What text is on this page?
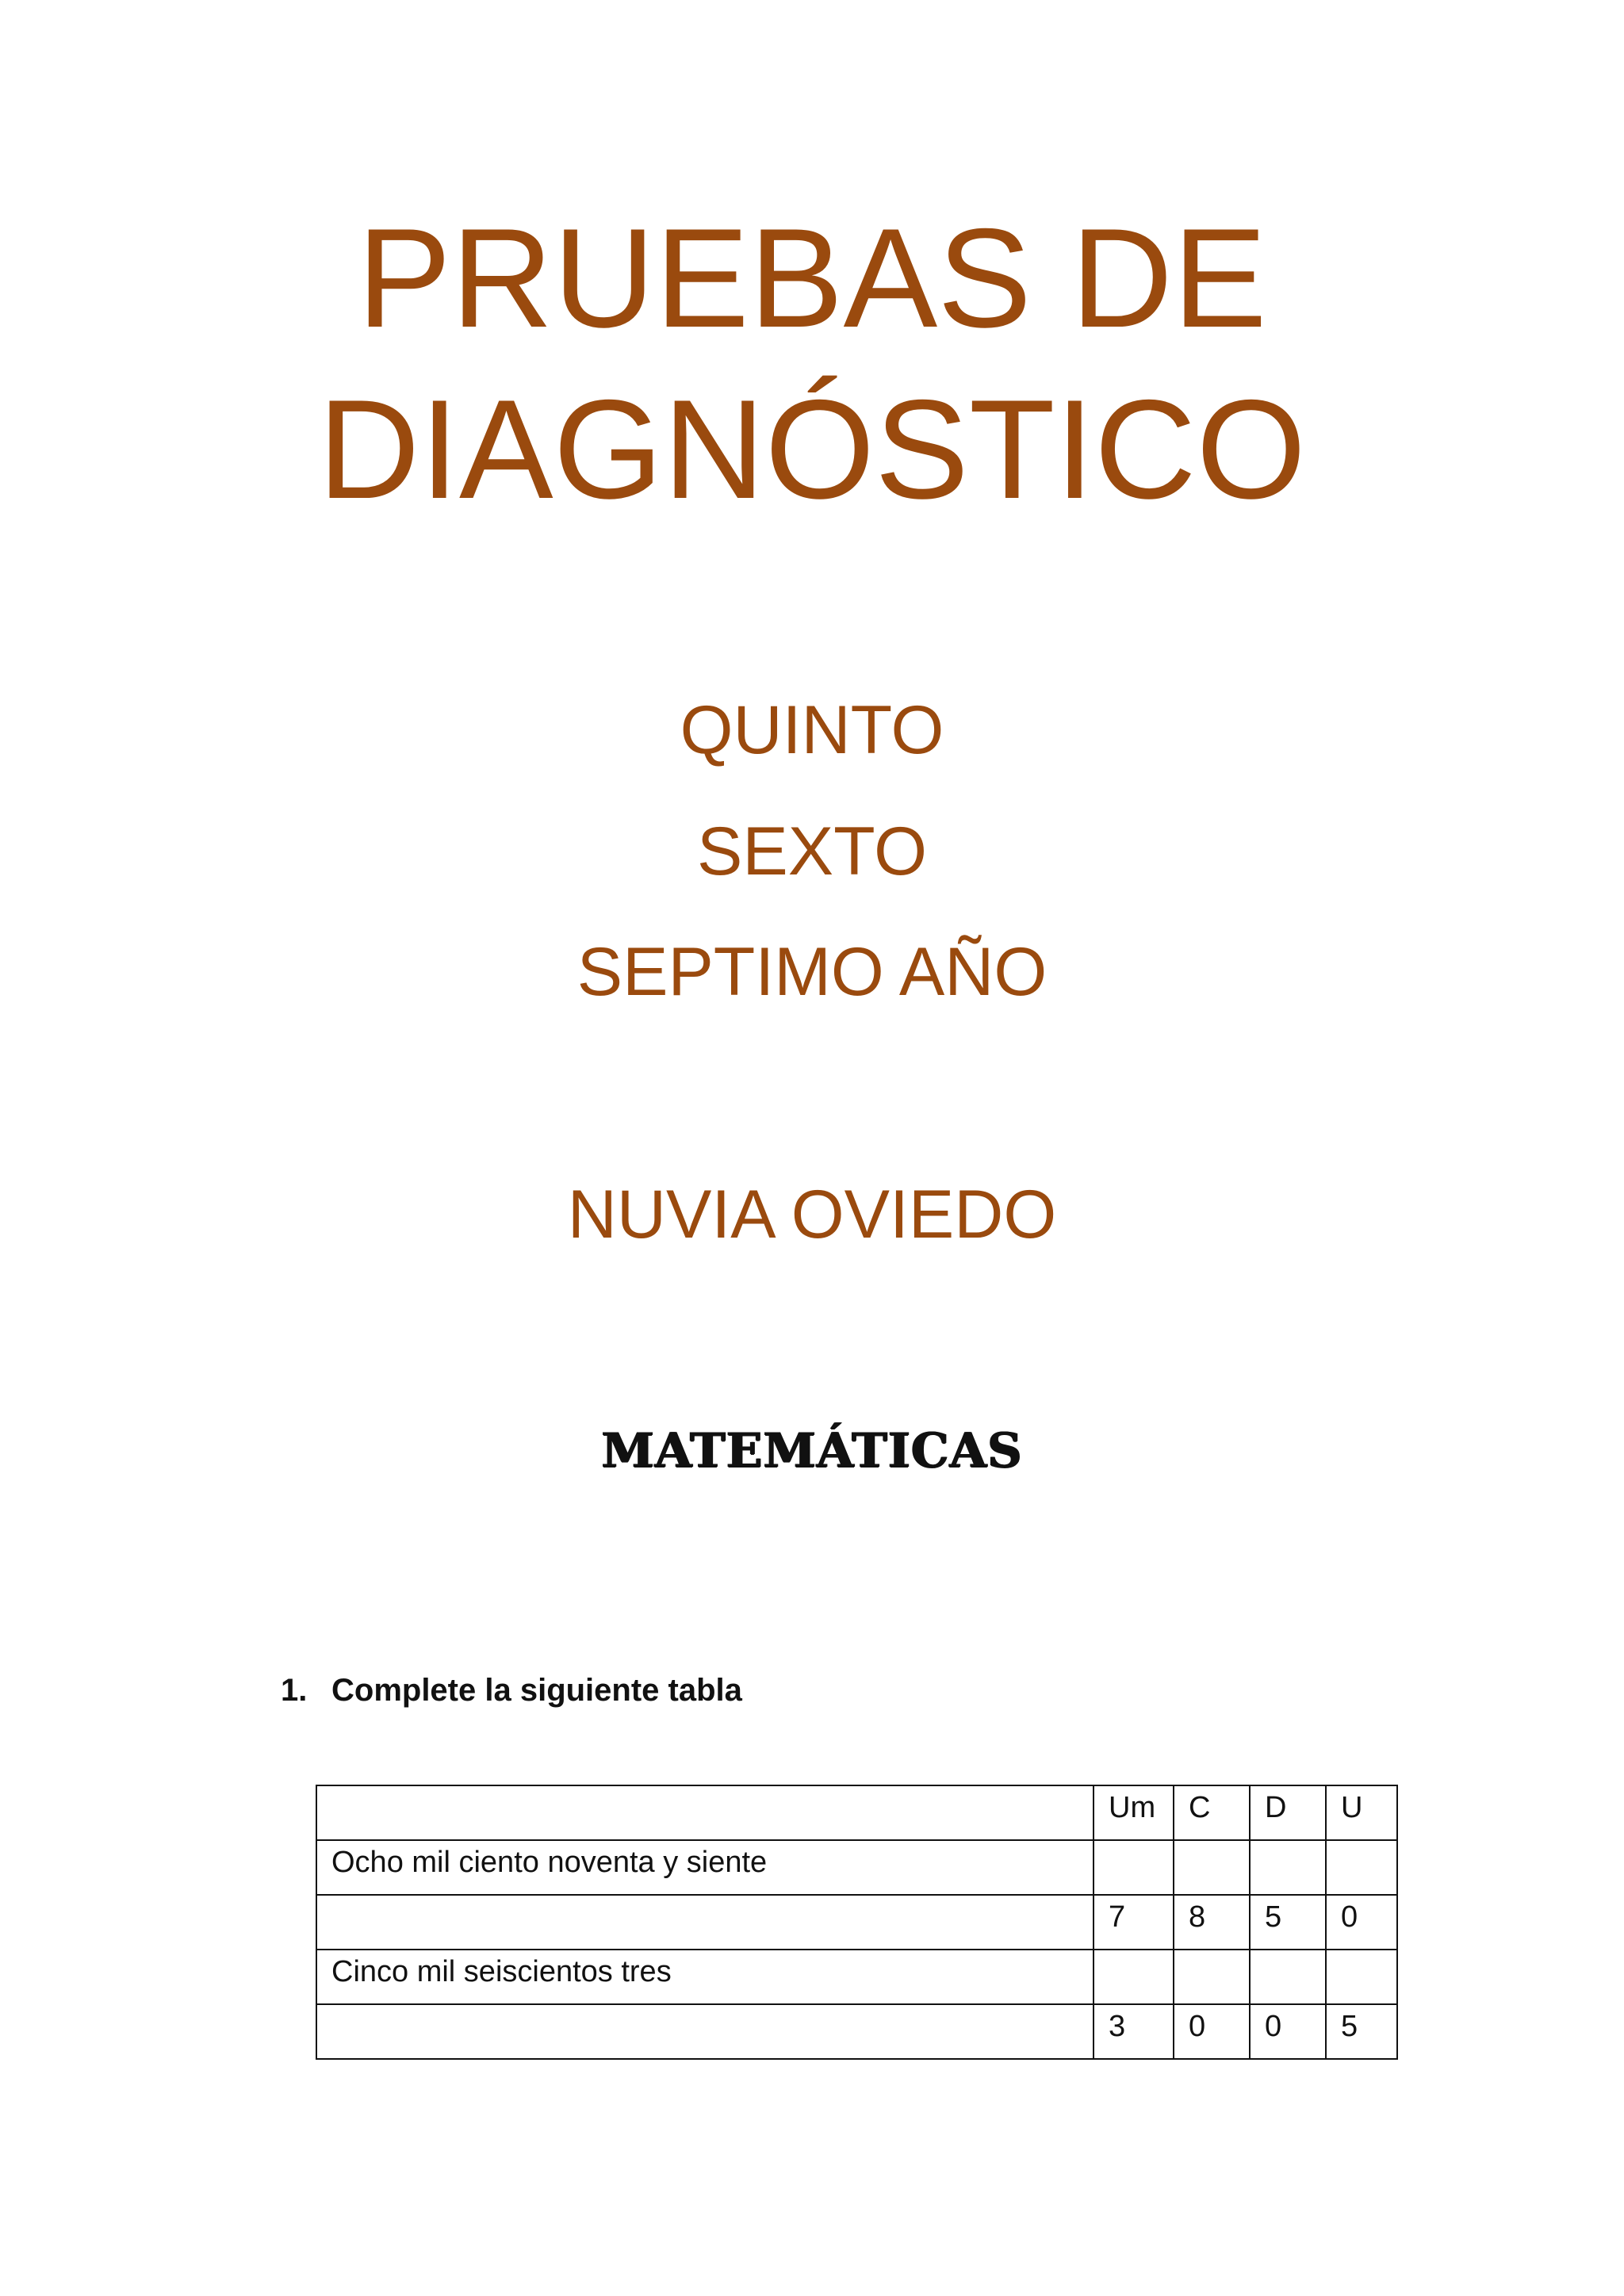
PRUEBAS DE
DIAGNÓSTICO
QUINTO
SEXTO
SEPTIMO AÑO
NUVIA OVIEDO
MATEMÁTICAS
1. Complete la siguiente tabla

	Um	C	D	U

Ocho mil ciento noventa y siente				

	7	8	5	0

Cinco mil seiscientos tres				

	3	0	0	5
